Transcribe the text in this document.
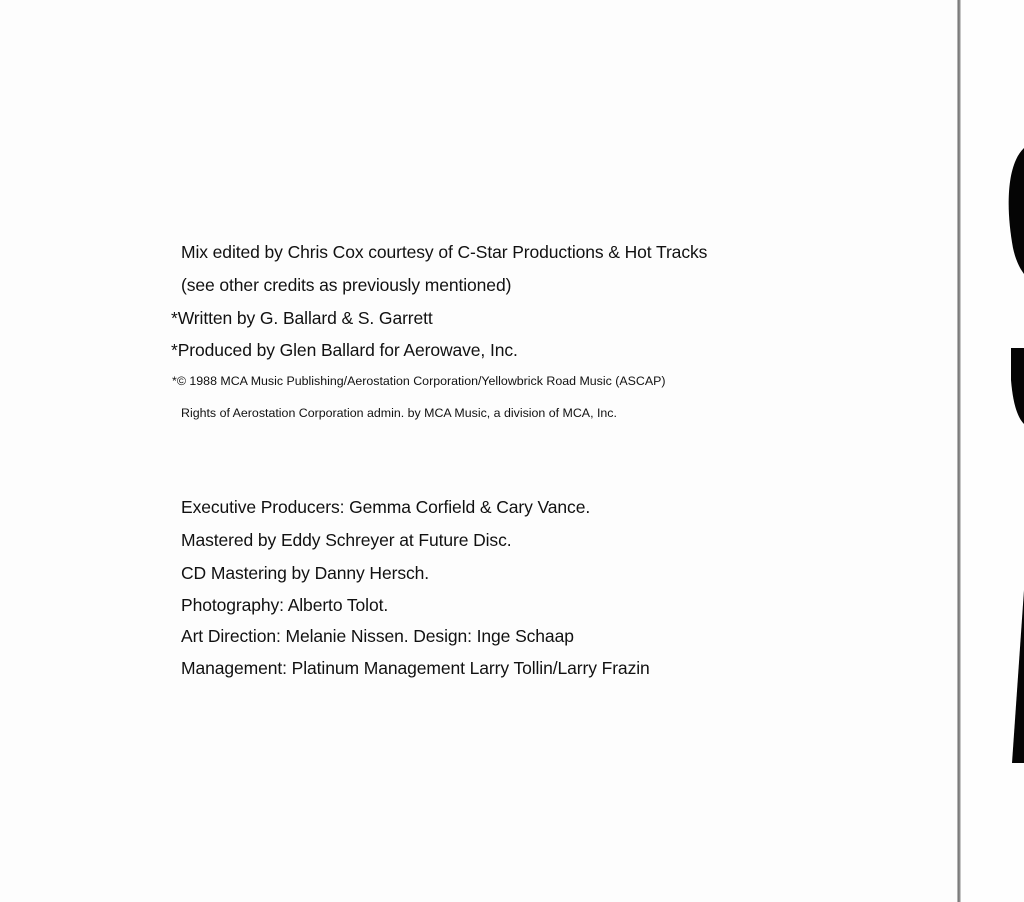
Mix edited by Chris Cox courtesy of C-Star Productions & Hot Tracks
(see other credits as previously mentioned)
*Written by G. Ballard & S. Garrett
*Produced by Glen Ballard for Aerowave, Inc.
*© 1988 MCA Music Publishing/Aerostation Corporation/Yellowbrick Road Music (ASCAP)
Rights of Aerostation Corporation admin. by MCA Music, a division of MCA, Inc.
Executive Producers: Gemma Corfield & Cary Vance.
Mastered by Eddy Schreyer at Future Disc.
CD Mastering by Danny Hersch.
Photography: Alberto Tolot.
Art Direction: Melanie Nissen. Design: Inge Schaap
Management: Platinum Management Larry Tollin/Larry Frazin
